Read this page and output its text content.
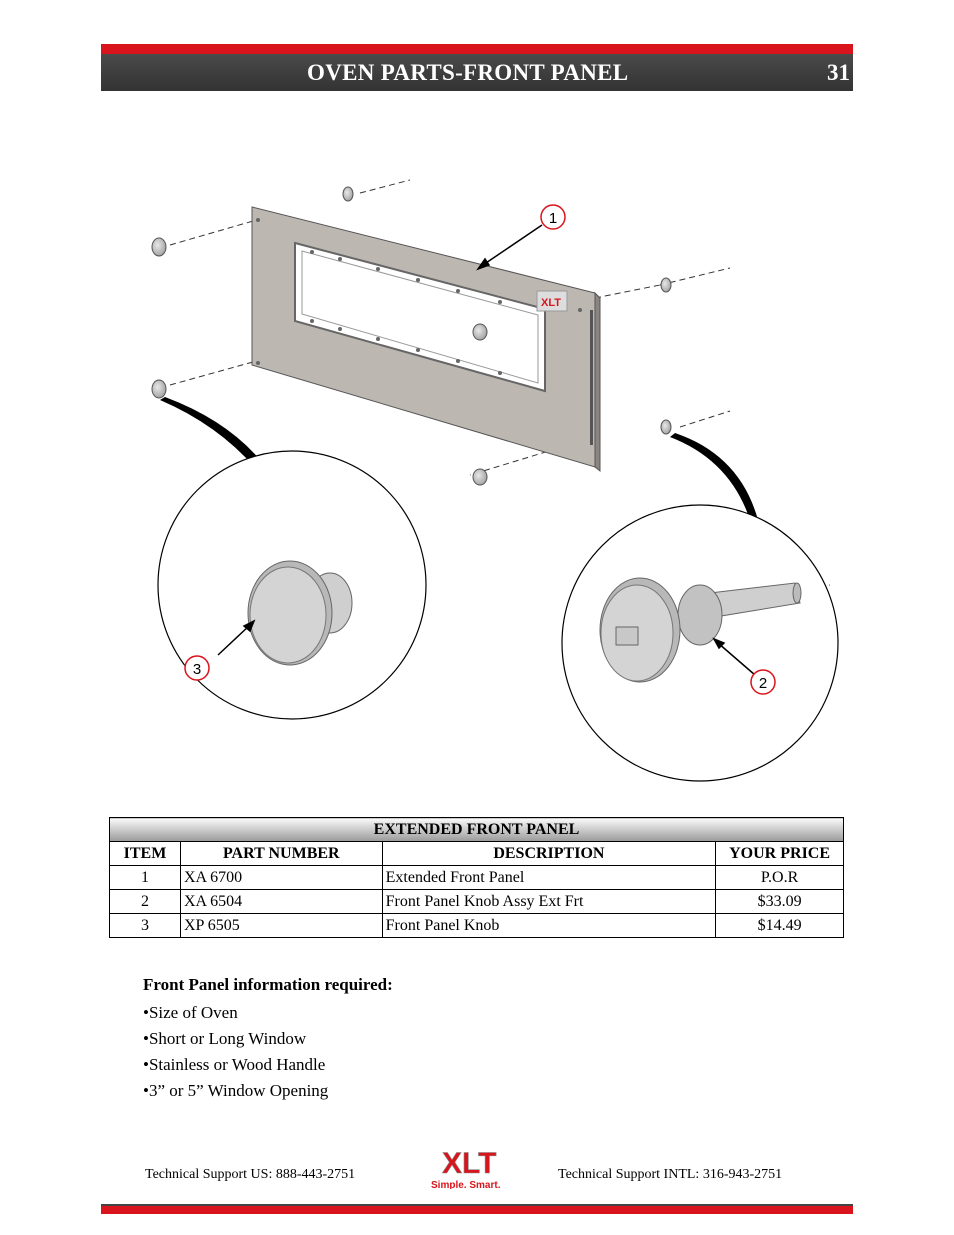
OVEN PARTS-FRONT PANEL	31
XLT
1
3
2
EXTENDED FRONT PANEL			
ITEM	PART NUMBER	DESCRIPTION	YOUR PRICE
1	XA 6700	Extended Front Panel	P.O.R
2	XA 6504	Front Panel Knob Assy Ext Frt	$33.09
3	XP 6505	Front Panel Knob	$14.49
Front Panel information required:
• Size of Oven
• Short or Long Window
• Stainless or Wood Handle
• 3” or 5” Window Opening
Technical Support US: 888-443-2751	XLT
Simple. Smart.
Technical Support INTL: 316-943-2751
